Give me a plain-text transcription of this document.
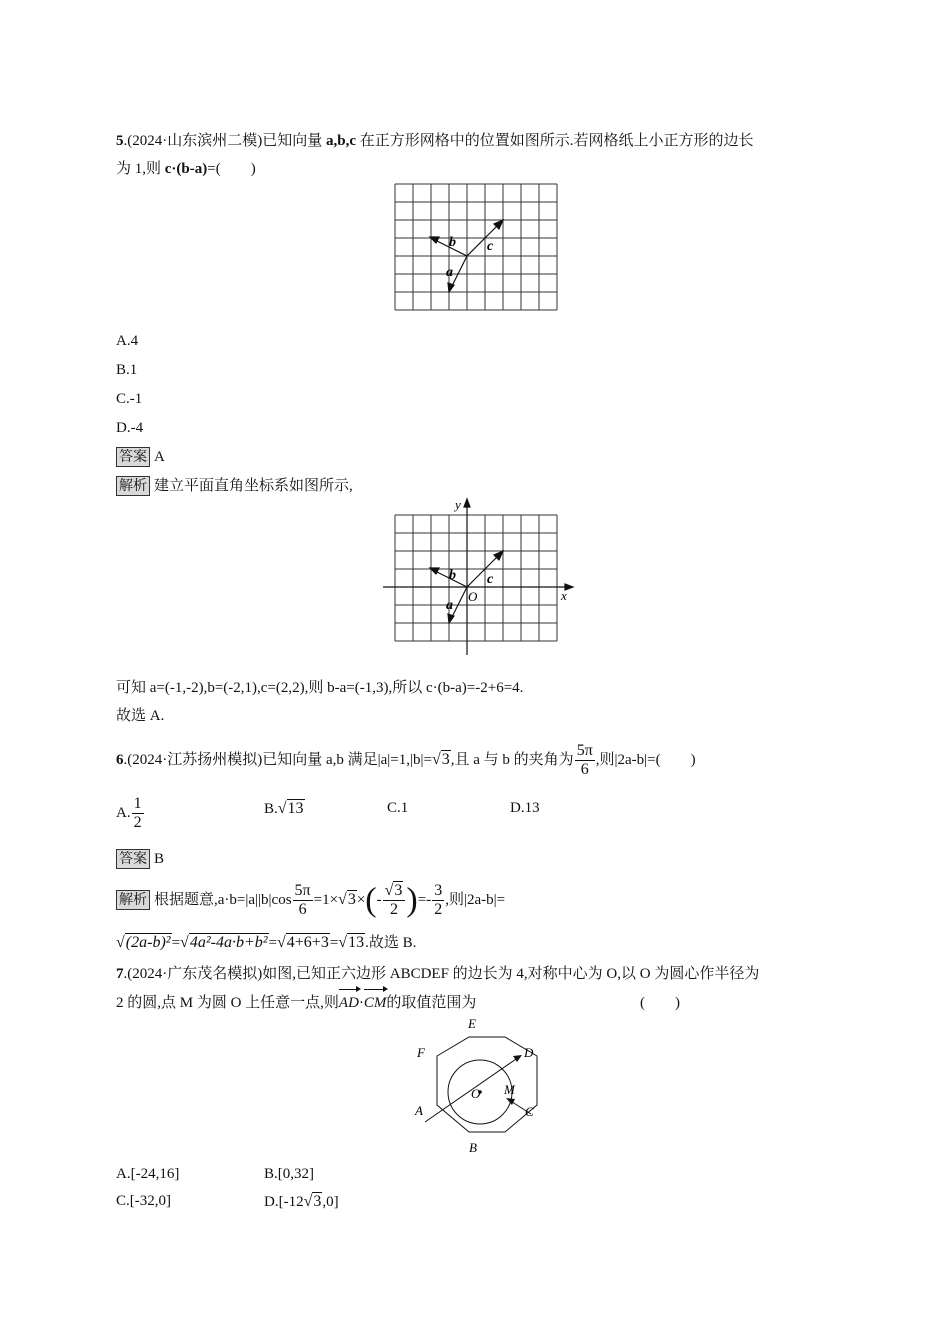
5.(2024·山东滨州二模)已知向量 a,b,c 在正方形网格中的位置如图所示.若网格纸上小正方形的边长
为 1,则 c·(b-a)=(　　)
b c
a
A.4
B.1
C.-1
D.-4
答案 A
解析 建立平面直角坐标系如图所示,
y
x
O
b c
a
可知 a=(-1,-2),b=(-2,1),c=(2,2),则 b-a=(-1,3),所以 c·(b-a)=-2+6=4.
故选 A.
6.(2024·江苏扬州模拟)已知向量 a,b 满足|a|=1,|b|=√3,且 a 与 b 的夹角为 $\frac{5\pi}{6}$ ,则|2a-b|=(　　)
A. $\frac{1}{2}$	B.√13	C.1	D.13
答案 B
解析 根据题意$,a\cdot b=|a||b|\cos \frac{5\pi}{6} =1\times√3\times(- \frac{√3}{2}$ )=- $\frac{3}{2}$ ,则|2a-b|=
√(2a-b)²=√4a²-4a·b+b²=√4+6+3=√13.故选 B.
7.(2024·广东茂名模拟)如图,已知正六边形 ABCDEF 的边长为 4,对称中心为 O,以 O 为圆心作半径为
2 的圆,点 M 为圆 O 上任意一点,则AD·CM的取值范围为	(　　)
E
D
F
A	C
B
O M
A.[-24,16]	B.[0,32]
C.[-32,0]	D.[-12√3,0]
